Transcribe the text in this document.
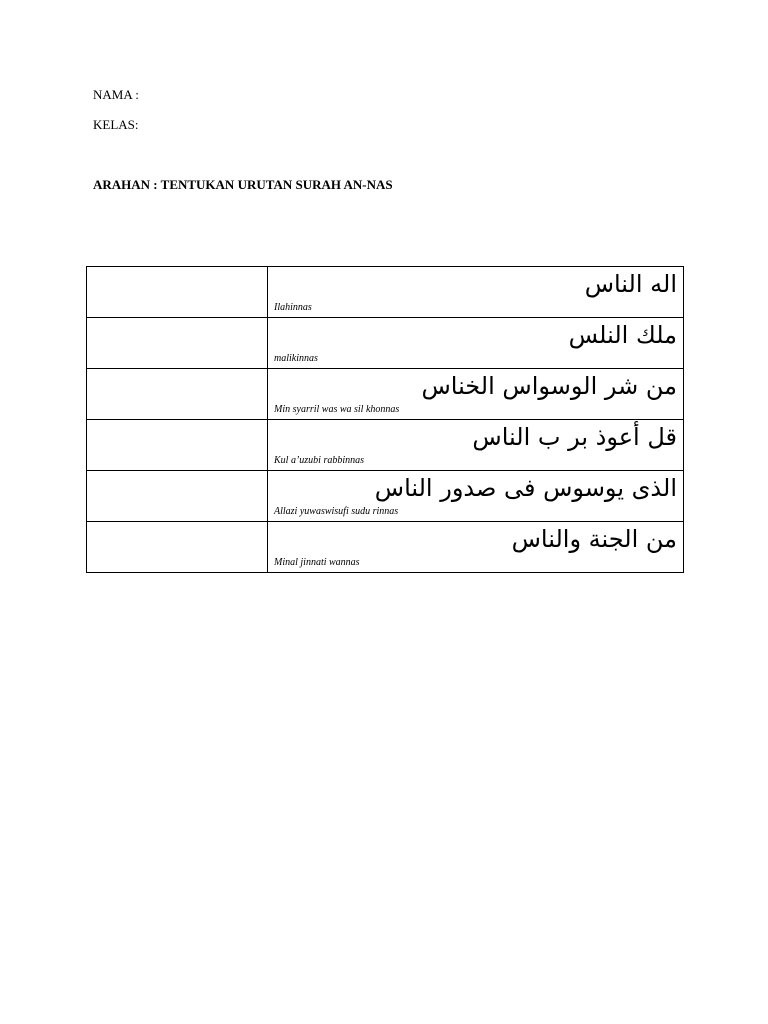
NAMA :
KELAS:
ARAHAN : TENTUKAN URUTAN SURAH AN-NAS

	اله الناس
Ilahinnas

	ملك النلس
malikinnas

	من شر الوسواس الخناس
Min syarril was wa sil khonnas

	قل أعوذ بر ب الناس
Kul a’uzubi rabbinnas

	الذى يوسوس فى صدور الناس
Allazi yuwaswisufi sudu rinnas

	من الجنة والناس
Minal jinnati wannas
